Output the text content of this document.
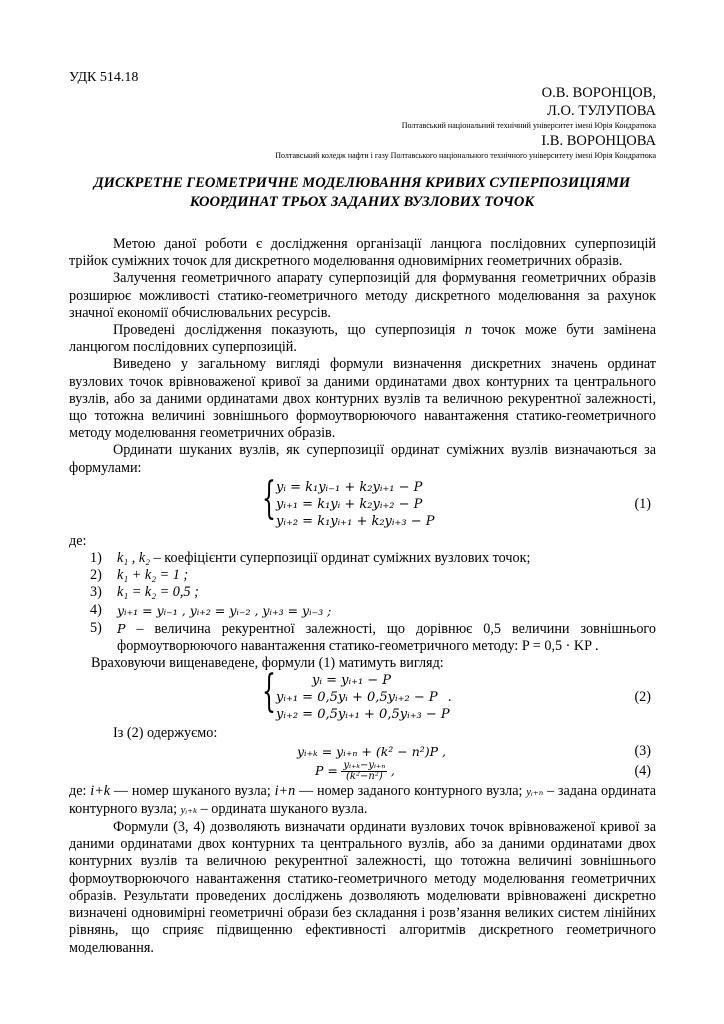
УДК 514.18
О.В. ВОРОНЦОВ,
Л.О. ТУЛУПОВА
Полтавський національний технічний університет імені Юрія Кондратюка
І.В. ВОРОНЦОВА
Полтавський коледж нафти і газу Полтавського національного технічного університету імені Юрія Кондратюка
ДИСКРЕТНЕ ГЕОМЕТРИЧНЕ МОДЕЛЮВАННЯ КРИВИХ СУПЕРПОЗИЦІЯМИ
КООРДИНАТ ТРЬОХ ЗАДАНИХ ВУЗЛОВИХ ТОЧОК

Метою даної роботи є дослідження організації ланцюга послідовних суперпозицій трійок суміжних точок для дискретного моделювання одновимірних геометричних образів.

Залучення геометричного апарату суперпозицій для формування геометричних образів розширює можливості статико-геометричного методу дискретного моделювання за рахунок значної економії обчислювальних ресурсів.

Проведені дослідження показують, що суперпозиція n точок може бути замінена ланцюгом послідовних суперпозицій.

Виведено у загальному вигляді формули визначення дискретних значень ординат вузлових точок врівноваженої кривої за даними ординатами двох контурних та центрального вузлів, або за даними ординатами двох контурних вузлів та величною рекурентної залежності, що тотожна величині зовнішнього формоутворюючого навантаження статико-геометричного методу моделювання геометричних образів.

Ординати шуканих вузлів, як суперпозиції ординат суміжних вузлів визначаються за формулами:

{ yᵢ = k₁yᵢ₋₁ + k₂yᵢ₊₁ − P
yᵢ₊₁ = k₁yᵢ + k₂yᵢ₊₂ − P
yᵢ₊₂ = k₁yᵢ₊₁ + k₂yᵢ₊₃ − P
(1)

де:

1) k₁ , k₂ – коефіцієнти суперпозиції ординат суміжних вузлових точок;
2) k₁ + k₂ = 1 ;
3) k₁ = k₂ = 0,5 ;
4) yᵢ₊₁ = yᵢ₋₁ , yᵢ₊₂ = yᵢ₋₂ , yᵢ₊₃ = yᵢ₋₃ ;
5) P – величина рекурентної залежності, що дорівнює 0,5 величини зовнішнього формоутворюючого навантаження статико-геометричного методу: P = 0,5 · KP .

Враховуючи вищенаведене, формули (1) матимуть вигляд:

{	yᵢ = yᵢ₊₁ − P
yᵢ₊₁ = 0,5yᵢ + 0,5yᵢ₊₂ − P .
yᵢ₊₂ = 0,5yᵢ₊₁ + 0,5yᵢ₊₃ − P
(2)

Із (2) одержуємо:

yᵢ₊ₖ = yᵢ₊ₙ + (k² − n²)P ,	(3)
$P = \frac{\text{yᵢ₊ₖ−yᵢ₊ₙ}}{\text{(k²−n²)}}$ ,	(4)

де: i+k — номер шуканого вузла; i+n — номер заданого контурного вузла; yᵢ₊ₙ – задана ордината контурного вузла; yᵢ₊ₖ – ордината шуканого вузла.

Формули (3, 4) дозволяють визначати ординати вузлових точок врівноваженої кривої за даними ординатами двох контурних та центрального вузлів, або за даними ординатами двох контурних вузлів та величною рекурентної залежності, що тотожна величині зовнішнього формоутворюючого навантаження статико-геометричного методу моделювання геометричних образів. Результати проведених досліджень дозволяють моделювати врівноважені дискретно визначені одновимірні геометричні образи без складання і розв’язання великих систем лінійних рівнянь, що сприяє підвищенню ефективності алгоритмів дискретного геометричного моделювання.
